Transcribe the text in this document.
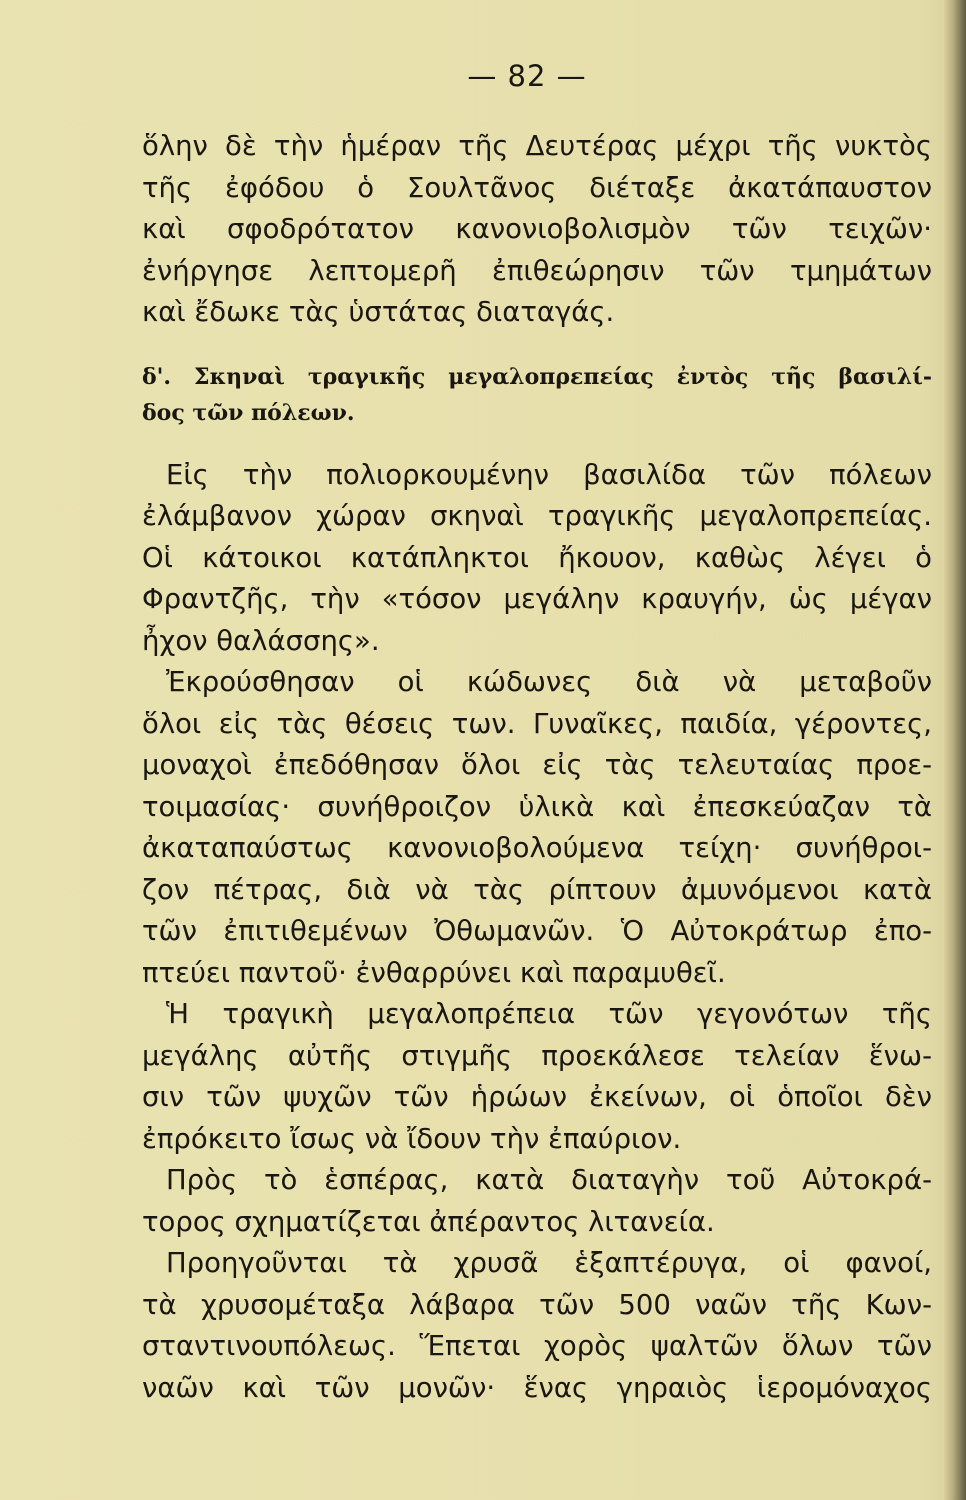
— 82 —
ὅλην δὲ τὴν ἡμέραν τῆς Δευτέρας μέχρι τῆς νυκτὸς
τῆς ἐφόδου ὁ Σουλτᾶνος διέταξε ἀκατάπαυστον
καὶ σφοδρότατον κανονιοβολισμὸν τῶν τειχῶν·
ἐνήργησε λεπτομερῆ ἐπιθεώρησιν τῶν τμημάτων
καὶ ἔδωκε τὰς ὑστάτας διαταγάς.
δ'. Σκηναὶ τραγικῆς μεγαλοπρεπείας ἐντὸς τῆς βασιλί-
δος τῶν πόλεων.
Εἰς τὴν πολιορκουμένην βασιλίδα τῶν πόλεων
ἐλάμβανον χώραν σκηναὶ τραγικῆς μεγαλοπρεπείας.
Οἱ κάτοικοι κατάπληκτοι ἤκουον, καθὼς λέγει ὁ
Φραντζῆς, τὴν «τόσον μεγάλην κραυγήν, ὡς μέγαν
ἦχον θαλάσσης».
Ἐκρούσθησαν οἱ κώδωνες διὰ νὰ μεταβοῦν
ὅλοι εἰς τὰς θέσεις των. Γυναῖκες, παιδία, γέροντες,
μοναχοὶ ἐπεδόθησαν ὅλοι εἰς τὰς τελευταίας προε-
τοιμασίας· συνήθροιζον ὑλικὰ καὶ ἐπεσκεύαζαν τὰ
ἀκαταπαύστως κανονιοβολούμενα τείχη· συνήθροι-
ζον πέτρας, διὰ νὰ τὰς ρίπτουν ἀμυνόμενοι κατὰ
τῶν ἐπιτιθεμένων Ὀθωμανῶν. Ὁ Αὐτοκράτωρ ἐπο-
πτεύει παντοῦ· ἐνθαρρύνει καὶ παραμυθεῖ.
Ἡ τραγικὴ μεγαλοπρέπεια τῶν γεγονότων τῆς
μεγάλης αὐτῆς στιγμῆς προεκάλεσε τελείαν ἕνω-
σιν τῶν ψυχῶν τῶν ἡρώων ἐκείνων, οἱ ὁποῖοι δὲν
ἐπρόκειτο ἴσως νὰ ἴδουν τὴν ἐπαύριον.
Πρὸς τὸ ἑσπέρας, κατὰ διαταγὴν τοῦ Αὐτοκρά-
τορος σχηματίζεται ἀπέραντος λιτανεία.
Προηγοῦνται τὰ χρυσᾶ ἑξαπτέρυγα, οἱ φανοί,
τὰ χρυσομέταξα λάβαρα τῶν 500 ναῶν τῆς Κων-
σταντινουπόλεως. Ἕπεται χορὸς ψαλτῶν ὅλων τῶν
ναῶν καὶ τῶν μονῶν· ἕνας γηραιὸς ἱερομόναχος
